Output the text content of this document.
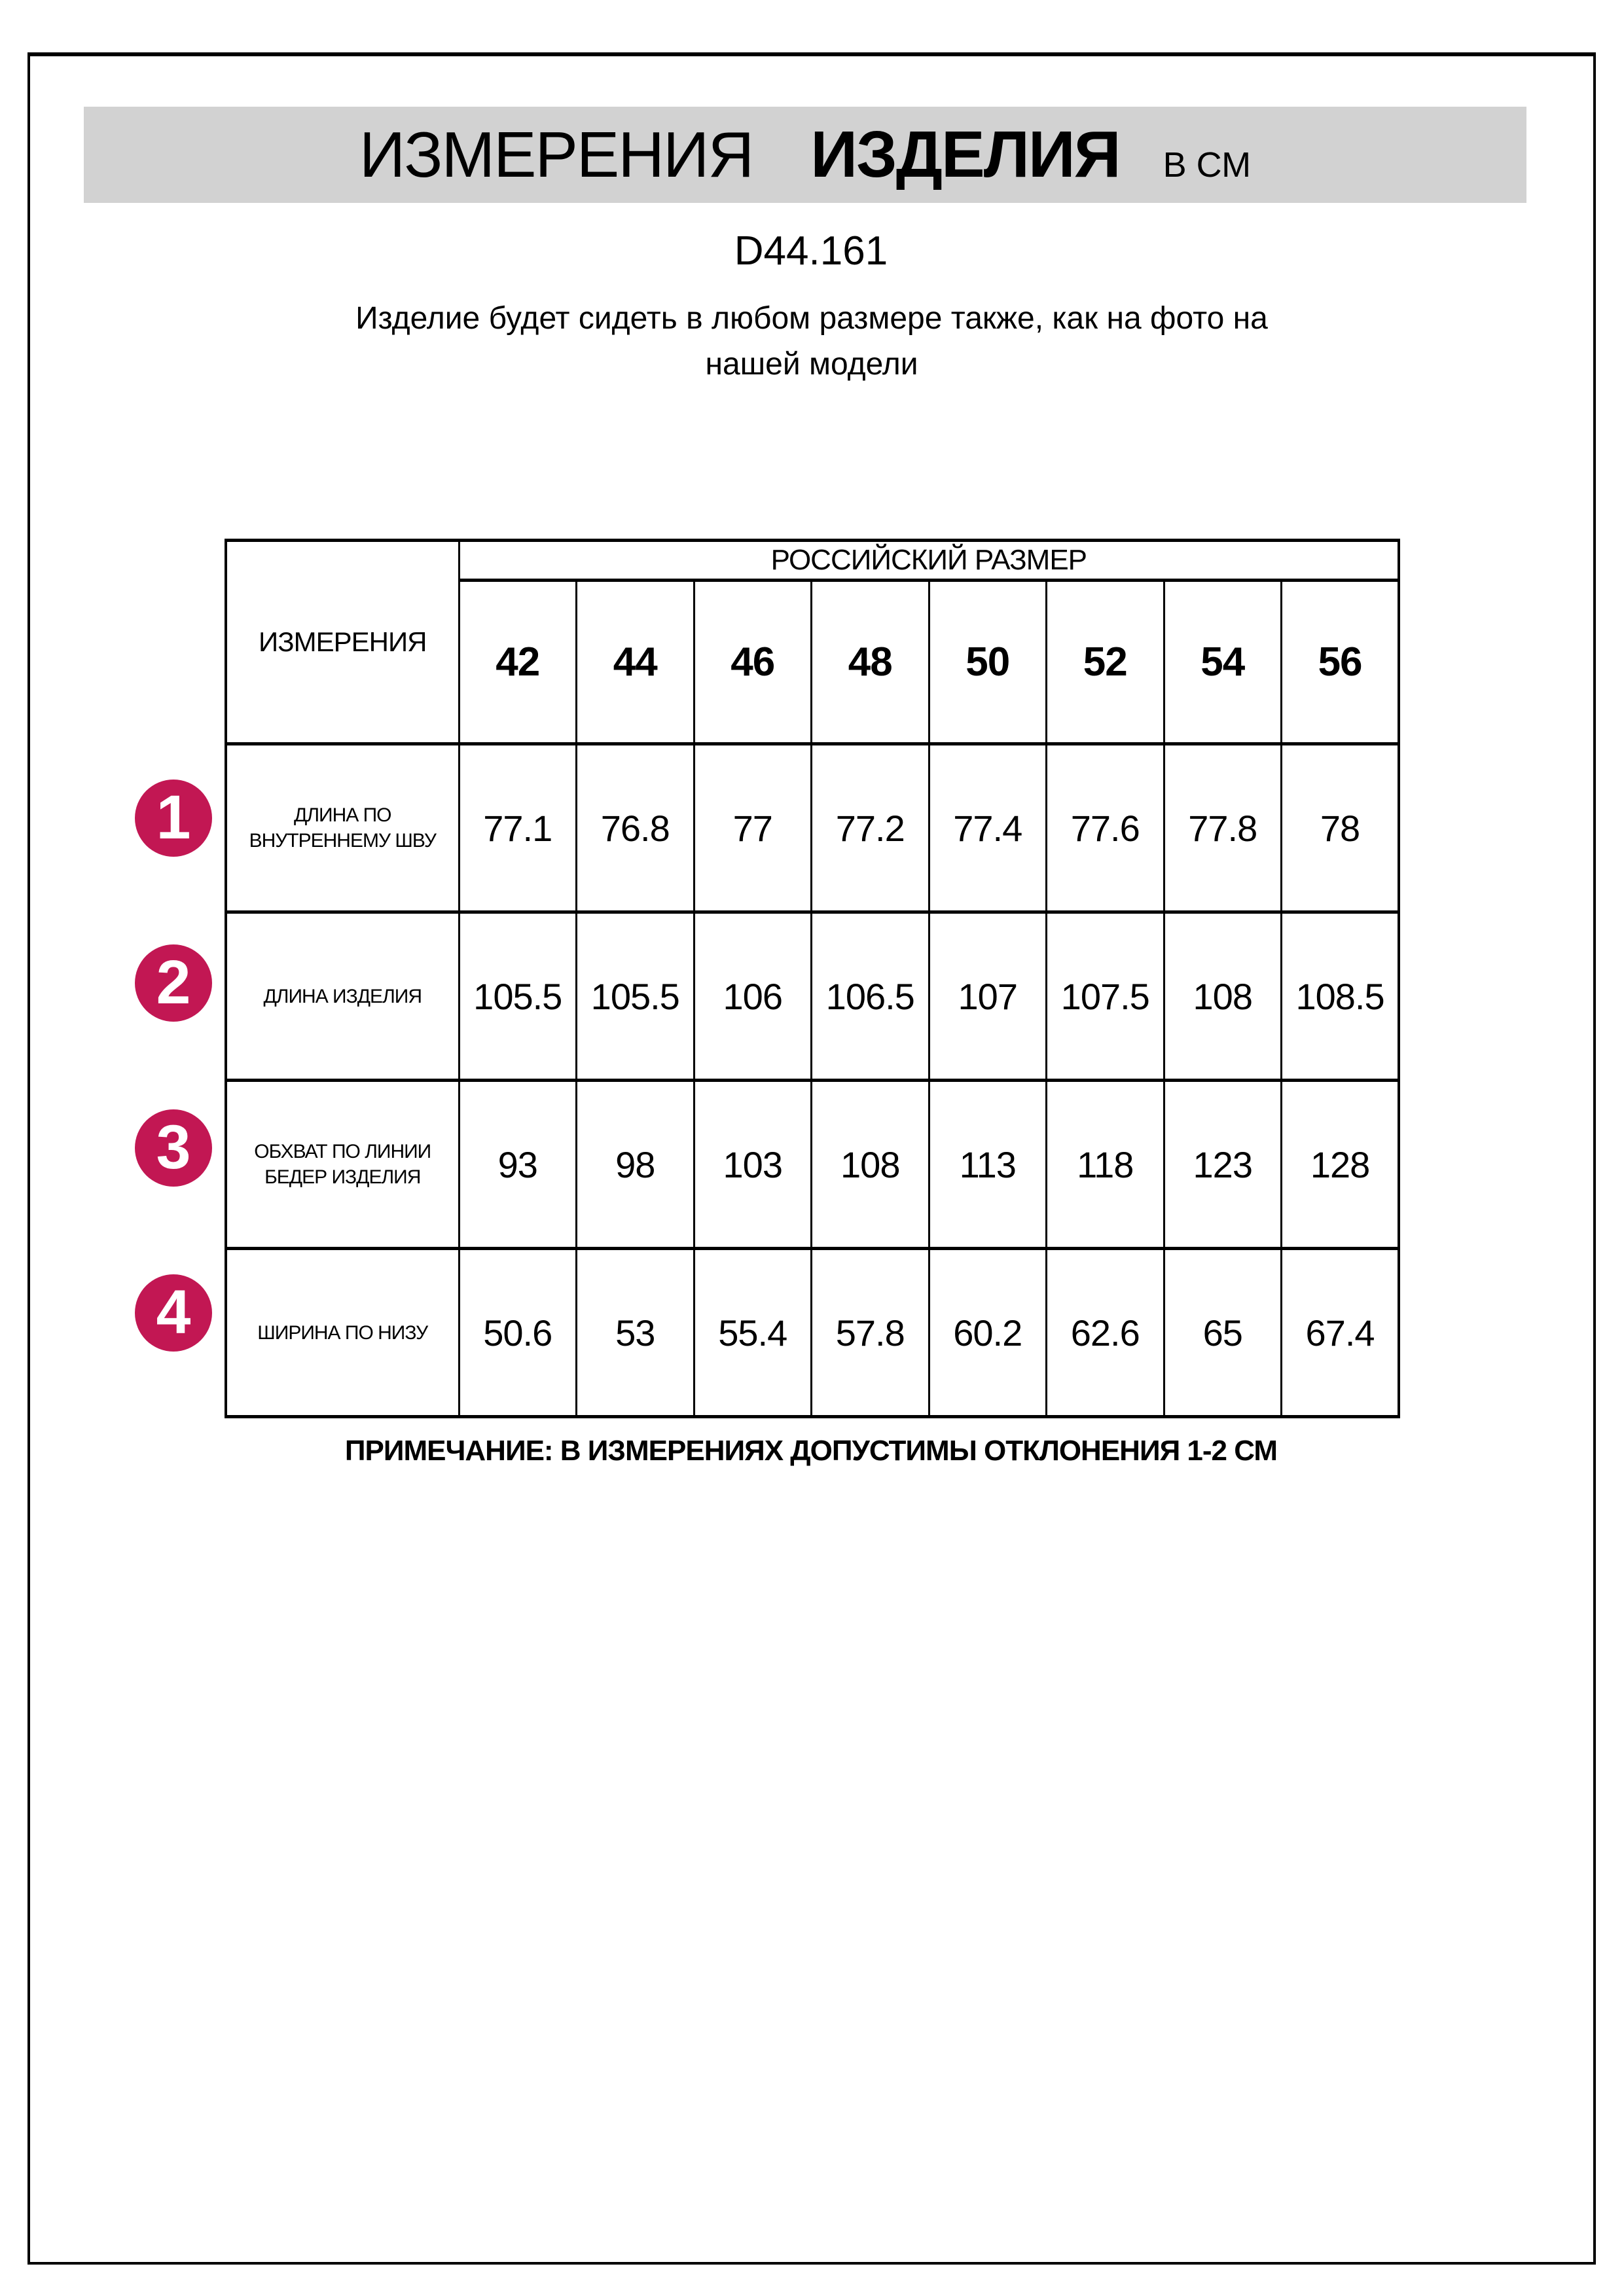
ИЗМЕРЕНИЯ ИЗДЕЛИЯ В СМ
D44.161
Изделие будет сидеть в любом размере также, как на фото на
нашей модели
ИЗМЕРЕНИЯ	РОССИЙСКИЙ РАЗМЕР							
	42	44	46	48	50	52	54	56
ДЛИНА ПО ВНУТРЕННЕМУ ШВУ	77.1	76.8	77	77.2	77.4	77.6	77.8	78
ДЛИНА ИЗДЕЛИЯ	105.5	105.5	106	106.5	107	107.5	108	108.5
ОБХВАТ ПО ЛИНИИ БЕДЕР ИЗДЕЛИЯ	93	98	103	108	113	118	123	128
ШИРИНА ПО НИЗУ	50.6	53	55.4	57.8	60.2	62.6	65	67.4
ПРИМЕЧАНИЕ: В ИЗМЕРЕНИЯХ ДОПУСТИМЫ ОТКЛОНЕНИЯ 1-2 СМ
1
2
3
4
